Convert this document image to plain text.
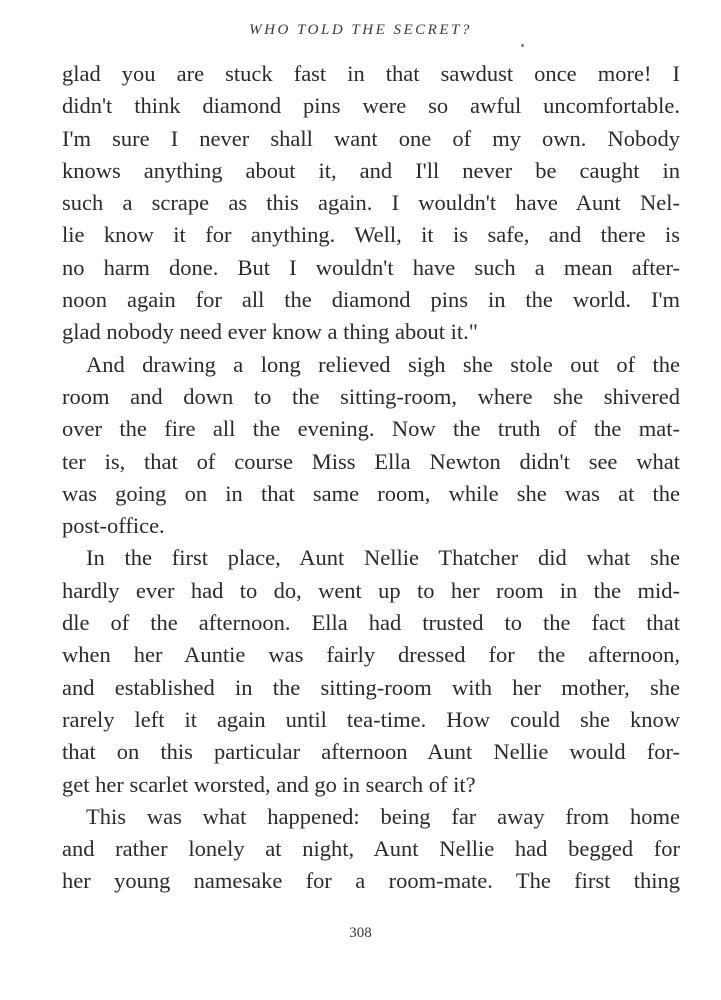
WHO TOLD THE SECRET?
glad you are stuck fast in that sawdust once more! I
didn't think diamond pins were so awful uncomfortable.
I'm sure I never shall want one of my own. Nobody
knows anything about it, and I'll never be caught in
such a scrape as this again. I wouldn't have Aunt Nel-
lie know it for anything. Well, it is safe, and there is
no harm done. But I wouldn't have such a mean after-
noon again for all the diamond pins in the world. I'm
glad nobody need ever know a thing about it."
And drawing a long relieved sigh she stole out of the
room and down to the sitting-room, where she shivered
over the fire all the evening. Now the truth of the mat-
ter is, that of course Miss Ella Newton didn't see what
was going on in that same room, while she was at the
post-office.
In the first place, Aunt Nellie Thatcher did what she
hardly ever had to do, went up to her room in the mid-
dle of the afternoon. Ella had trusted to the fact that
when her Auntie was fairly dressed for the afternoon,
and established in the sitting-room with her mother, she
rarely left it again until tea-time. How could she know
that on this particular afternoon Aunt Nellie would for-
get her scarlet worsted, and go in search of it?
This was what happened: being far away from home
and rather lonely at night, Aunt Nellie had begged for
her young namesake for a room-mate. The first thing
308
